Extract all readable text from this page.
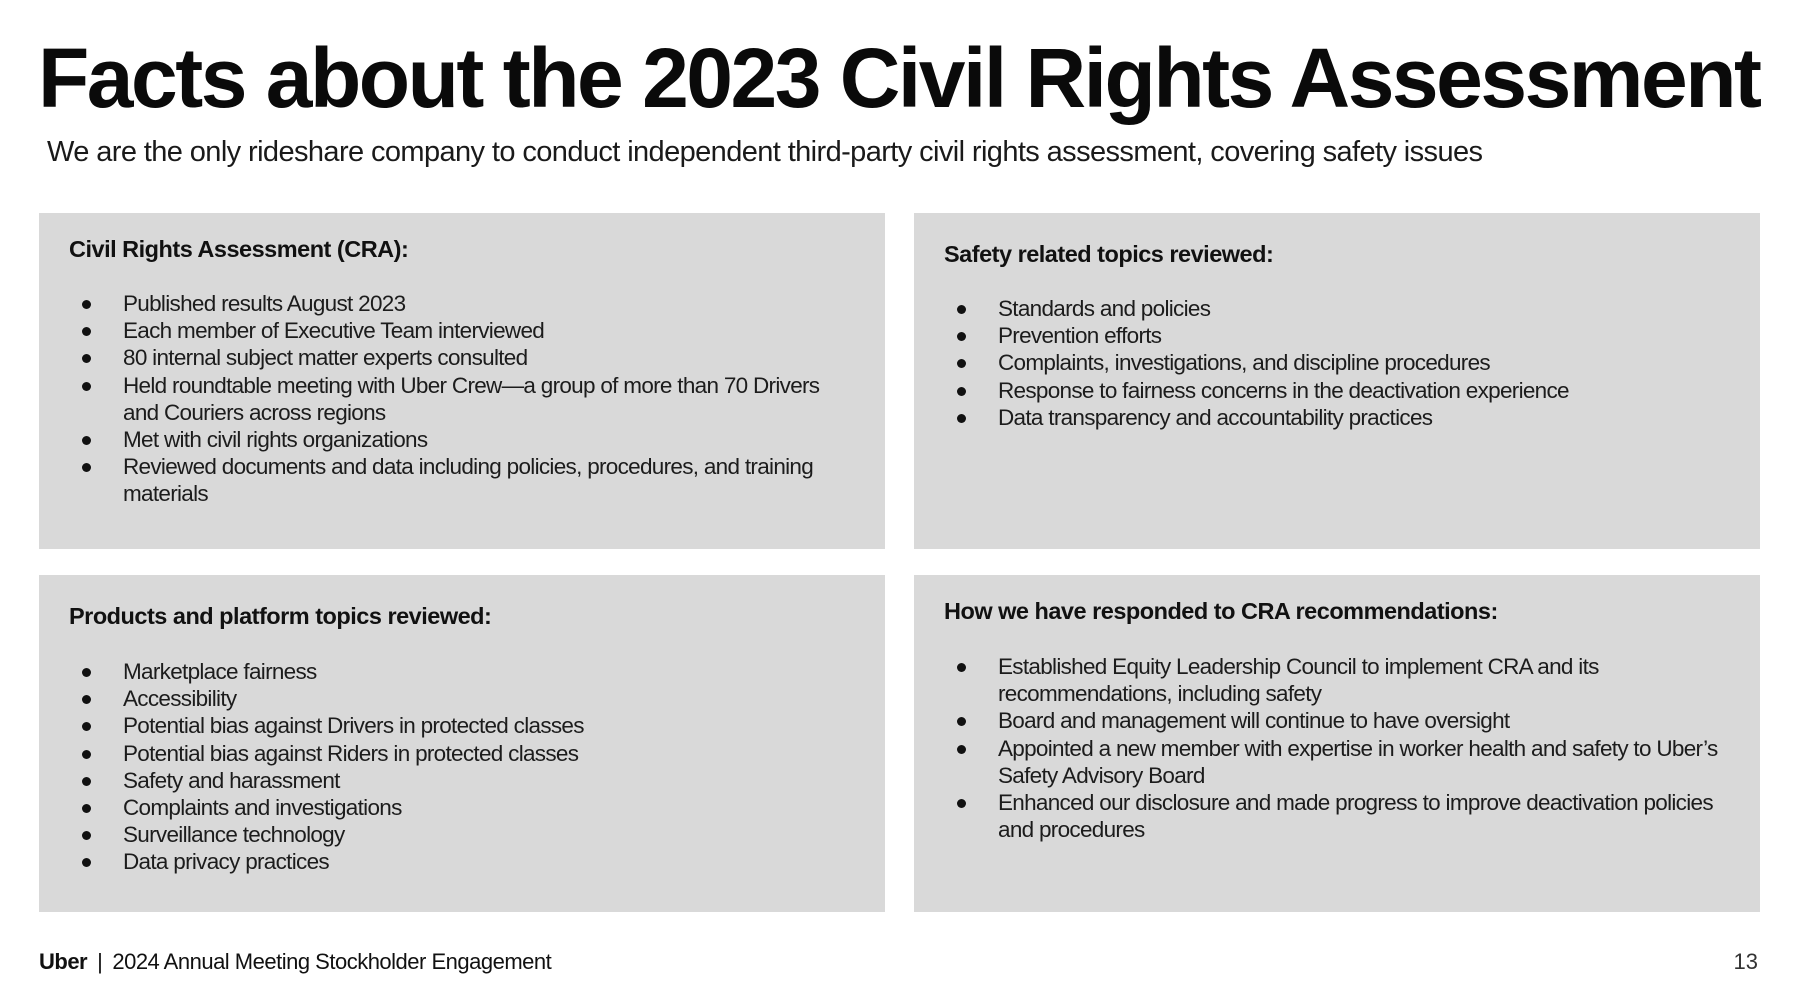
Facts about the 2023 Civil Rights Assessment

We are the only rideshare company to conduct independent third-party civil rights assessment, covering safety issues

Civil Rights Assessment (CRA):
Published results August 2023
Each member of Executive Team interviewed
80 internal subject matter experts consulted
Held roundtable meeting with Uber Crew—a group of more than 70 Drivers and Couriers across regions
Met with civil rights organizations
Reviewed documents and data including policies, procedures, and training materials
Safety related topics reviewed:
Standards and policies
Prevention efforts
Complaints, investigations, and discipline procedures
Response to fairness concerns in the deactivation experience
Data transparency and accountability practices
Products and platform topics reviewed:
Marketplace fairness
Accessibility
Potential bias against Drivers in protected classes
Potential bias against Riders in protected classes
Safety and harassment
Complaints and investigations
Surveillance technology
Data privacy practices
How we have responded to CRA recommendations:
Established Equity Leadership Council to implement CRA and its recommendations, including safety
Board and management will continue to have oversight
Appointed a new member with expertise in worker health and safety to Uber’s Safety Advisory Board
Enhanced our disclosure and made progress to improve deactivation policies and procedures
Uber | 2024 Annual Meeting Stockholder Engagement	13
